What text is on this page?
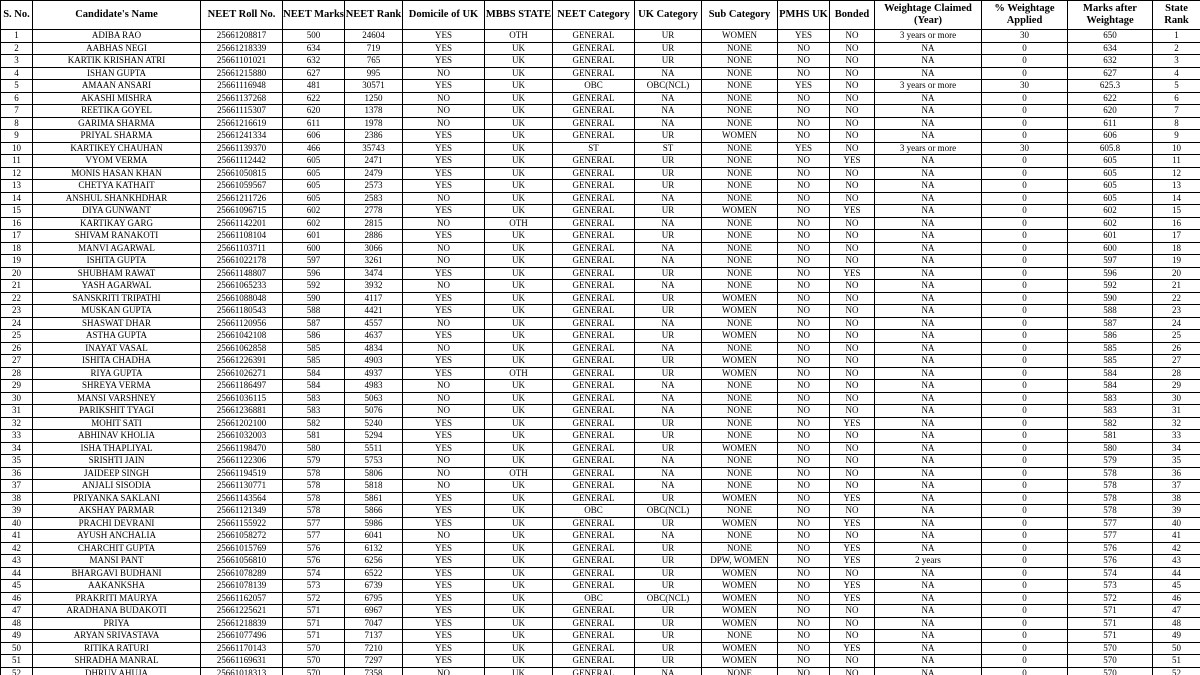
S. No.	Candidate's Name	NEET Roll No.	NEET Marks	NEET Rank	Domicile of UK	MBBS STATE	NEET Category	UK Category	Sub Category	PMHS UK	Bonded	Weightage Claimed (Year)	% Weightage Applied	Marks after Weightage	State Rank
1	ADIBA RAO	25661208817	500	24604	YES	OTH	GENERAL	UR	WOMEN	YES	NO	3 years or more	30	650	1
2	AABHAS NEGI	25661218339	634	719	YES	UK	GENERAL	UR	NONE	NO	NO	NA	0	634	2
3	KARTIK KRISHAN ATRI	25661101021	632	765	YES	UK	GENERAL	UR	NONE	NO	NO	NA	0	632	3
4	ISHAN GUPTA	25661215880	627	995	NO	UK	GENERAL	NA	NONE	NO	NO	NA	0	627	4
5	AMAAN ANSARI	25661116948	481	30571	YES	UK	OBC	OBC(NCL)	NONE	YES	NO	3 years or more	30	625.3	5
6	AKASHI MISHRA	25661137268	622	1250	NO	UK	GENERAL	NA	NONE	NO	NO	NA	0	622	6
7	REETIKA GOYEL	25661115307	620	1378	NO	UK	GENERAL	NA	NONE	NO	NO	NA	0	620	7
8	GARIMA SHARMA	25661216619	611	1978	NO	UK	GENERAL	NA	NONE	NO	NO	NA	0	611	8
9	PRIYAL SHARMA	25661241334	606	2386	YES	UK	GENERAL	UR	WOMEN	NO	NO	NA	0	606	9
10	KARTIKEY CHAUHAN	25661139370	466	35743	YES	UK	ST	ST	NONE	YES	NO	3 years or more	30	605.8	10
11	VYOM VERMA	25661112442	605	2471	YES	UK	GENERAL	UR	NONE	NO	YES	NA	0	605	11
12	MONIS HASAN KHAN	25661050815	605	2479	YES	UK	GENERAL	UR	NONE	NO	NO	NA	0	605	12
13	CHETYA KATHAIT	25661059567	605	2573	YES	UK	GENERAL	UR	NONE	NO	NO	NA	0	605	13
14	ANSHUL SHANKHDHAR	25661211726	605	2583	NO	UK	GENERAL	NA	NONE	NO	NO	NA	0	605	14
15	DIYA GUNWANT	25661096715	602	2778	YES	UK	GENERAL	UR	WOMEN	NO	YES	NA	0	602	15
16	KARTIKAY GARG	25661142201	602	2815	NO	OTH	GENERAL	NA	NONE	NO	NO	NA	0	602	16
17	SHIVAM RANAKOTI	25661108104	601	2886	YES	UK	GENERAL	UR	NONE	NO	NO	NA	0	601	17
18	MANVI AGARWAL	25661103711	600	3066	NO	UK	GENERAL	NA	NONE	NO	NO	NA	0	600	18
19	ISHITA GUPTA	25661022178	597	3261	NO	UK	GENERAL	NA	NONE	NO	NO	NA	0	597	19
20	SHUBHAM RAWAT	25661148807	596	3474	YES	UK	GENERAL	UR	NONE	NO	YES	NA	0	596	20
21	YASH AGARWAL	25661065233	592	3932	NO	UK	GENERAL	NA	NONE	NO	NO	NA	0	592	21
22	SANSKRITI TRIPATHI	25661088048	590	4117	YES	UK	GENERAL	UR	WOMEN	NO	NO	NA	0	590	22
23	MUSKAN GUPTA	25661180543	588	4421	YES	UK	GENERAL	UR	WOMEN	NO	NO	NA	0	588	23
24	SHASWAT DHAR	25661120956	587	4557	NO	UK	GENERAL	NA	NONE	NO	NO	NA	0	587	24
25	ASTHA GUPTA	25661042108	586	4637	YES	UK	GENERAL	UR	WOMEN	NO	NO	NA	0	586	25
26	INAYAT VASAL	25661062858	585	4834	NO	UK	GENERAL	NA	NONE	NO	NO	NA	0	585	26
27	ISHITA CHADHA	25661226391	585	4903	YES	UK	GENERAL	UR	WOMEN	NO	NO	NA	0	585	27
28	RIYA GUPTA	25661026271	584	4937	YES	OTH	GENERAL	UR	WOMEN	NO	NO	NA	0	584	28
29	SHREYA VERMA	25661186497	584	4983	NO	UK	GENERAL	NA	NONE	NO	NO	NA	0	584	29
30	MANSI VARSHNEY	25661036115	583	5063	NO	UK	GENERAL	NA	NONE	NO	NO	NA	0	583	30
31	PARIKSHIT TYAGI	25661236881	583	5076	NO	UK	GENERAL	NA	NONE	NO	NO	NA	0	583	31
32	MOHIT SATI	25661202100	582	5240	YES	UK	GENERAL	UR	NONE	NO	YES	NA	0	582	32
33	ABHINAV KHOLIA	25661032003	581	5294	YES	UK	GENERAL	UR	NONE	NO	NO	NA	0	581	33
34	ISHA THAPLIYAL	25661198470	580	5511	YES	UK	GENERAL	UR	WOMEN	NO	NO	NA	0	580	34
35	SRISHTI JAIN	25661122306	579	5753	NO	UK	GENERAL	NA	NONE	NO	NO	NA	0	579	35
36	JAIDEEP SINGH	25661194519	578	5806	NO	OTH	GENERAL	NA	NONE	NO	NO	NA	0	578	36
37	ANJALI SISODIA	25661130771	578	5818	NO	UK	GENERAL	NA	NONE	NO	NO	NA	0	578	37
38	PRIYANKA SAKLANI	25661143564	578	5861	YES	UK	GENERAL	UR	WOMEN	NO	YES	NA	0	578	38
39	AKSHAY PARMAR	25661121349	578	5866	YES	UK	OBC	OBC(NCL)	NONE	NO	NO	NA	0	578	39
40	PRACHI DEVRANI	25661155922	577	5986	YES	UK	GENERAL	UR	WOMEN	NO	YES	NA	0	577	40
41	AYUSH ANCHALIA	25661058272	577	6041	NO	UK	GENERAL	NA	NONE	NO	NO	NA	0	577	41
42	CHARCHIT GUPTA	25661015769	576	6132	YES	UK	GENERAL	UR	NONE	NO	YES	NA	0	576	42
43	MANSI PANT	25661056810	576	6256	YES	UK	GENERAL	UR	DPW, WOMEN	NO	YES	2 years	0	576	43
44	BHARGAVI BUDHANI	25661078289	574	6522	YES	UK	GENERAL	UR	WOMEN	NO	NO	NA	0	574	44
45	AAKANKSHA	25661078139	573	6739	YES	UK	GENERAL	UR	WOMEN	NO	YES	NA	0	573	45
46	PRAKRITI MAURYA	25661162057	572	6795	YES	UK	OBC	OBC(NCL)	WOMEN	NO	YES	NA	0	572	46
47	ARADHANA BUDAKOTI	25661225621	571	6967	YES	UK	GENERAL	UR	WOMEN	NO	NO	NA	0	571	47
48	PRIYA	25661218839	571	7047	YES	UK	GENERAL	UR	WOMEN	NO	NO	NA	0	571	48
49	ARYAN SRIVASTAVA	25661077496	571	7137	YES	UK	GENERAL	UR	NONE	NO	NO	NA	0	571	49
50	RITIKA RATURI	25661170143	570	7210	YES	UK	GENERAL	UR	WOMEN	NO	YES	NA	0	570	50
51	SHRADHA MANRAL	25661169631	570	7297	YES	UK	GENERAL	UR	WOMEN	NO	NO	NA	0	570	51
52	DHRUV AHUJA	25661018313	570	7358	NO	UK	GENERAL	NA	NONE	NO	NO	NA	0	570	52
